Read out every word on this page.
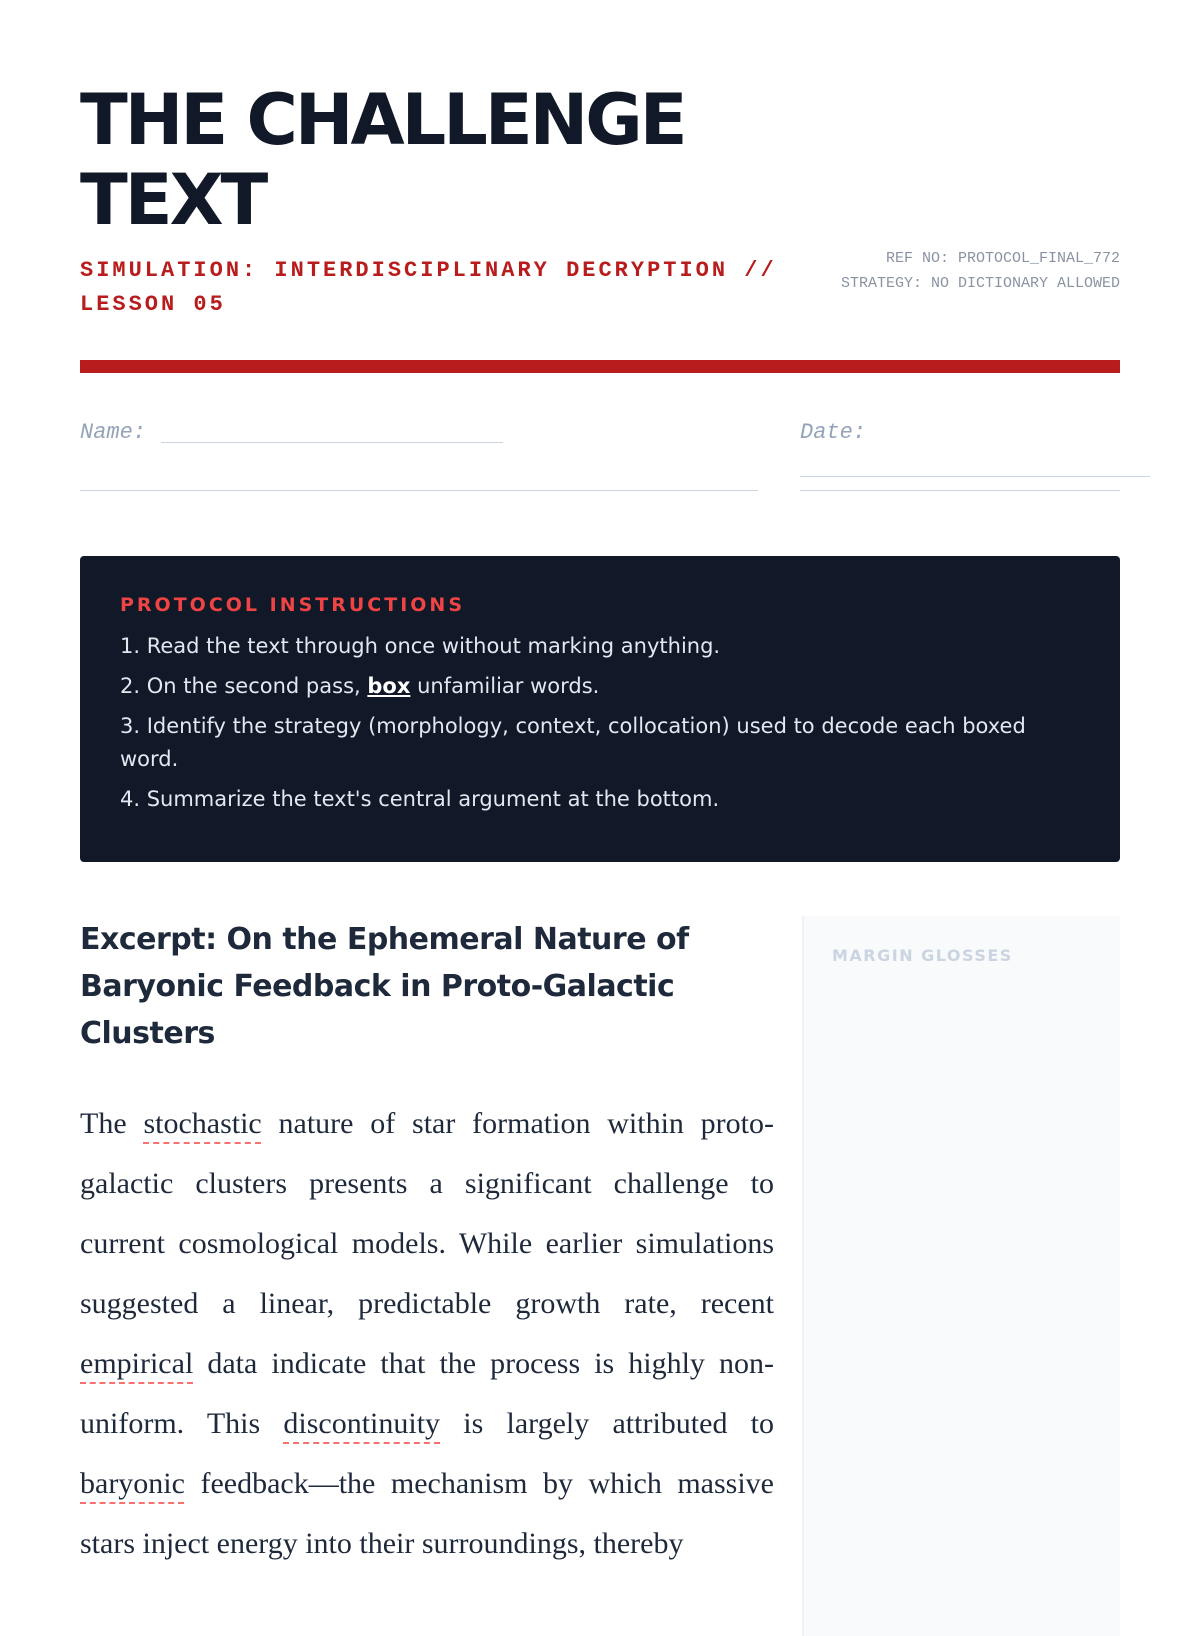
THE CHALLENGE TEXT
SIMULATION: INTERDISCIPLINARY DECRYPTION // LESSON 05
REF NO: PROTOCOL_FINAL_772
STRATEGY: NO DICTIONARY ALLOWED
Name:	Date:
PROTOCOL INSTRUCTIONS
1. Read the text through once without marking anything.
2. On the second pass, box unfamiliar words.
3. Identify the strategy (morphology, context, collocation) used to decode each boxed word.
4. Summarize the text's central argument at the bottom.
Excerpt: On the Ephemeral Nature of Baryonic Feedback in Proto-Galactic Clusters

The stochastic nature of star formation within proto-galactic clusters presents a significant challenge to current cosmological models. While earlier simulations suggested a linear, predictable growth rate, recent empirical data indicate that the process is highly non-uniform. This discontinuity is largely attributed to baryonic feedback—the mechanism by which massive stars inject energy into their surroundings, thereby

MARGIN GLOSSES
